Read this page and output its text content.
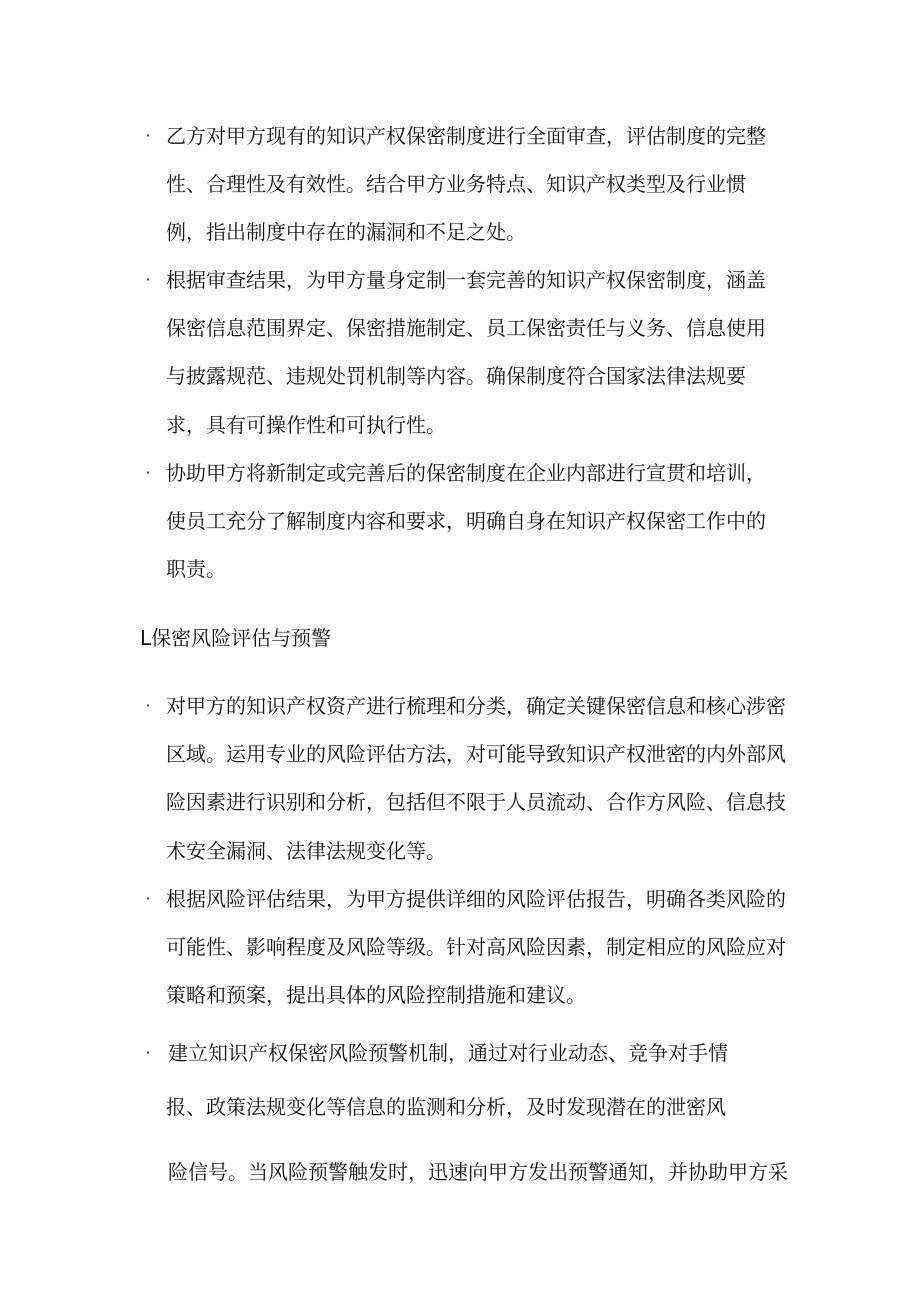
· 乙方对甲方现有的知识产权保密制度进行全面审查，评估制度的完整
性、合理性及有效性。结合甲方业务特点、知识产权类型及行业惯
例，指出制度中存在的漏洞和不足之处。
· 根据审查结果，为甲方量身定制一套完善的知识产权保密制度，涵盖
保密信息范围界定、保密措施制定、员工保密责任与义务、信息使用
与披露规范、违规处罚机制等内容。确保制度符合国家法律法规要
求，具有可操作性和可执行性。
· 协助甲方将新制定或完善后的保密制度在企业内部进行宣贯和培训，
使员工充分了解制度内容和要求，明确自身在知识产权保密工作中的
职责。
L保密风险评估与预警
· 对甲方的知识产权资产进行梳理和分类，确定关键保密信息和核心涉密
区域。运用专业的风险评估方法，对可能导致知识产权泄密的内外部风
险因素进行识别和分析，包括但不限于人员流动、合作方风险、信息技
术安全漏洞、法律法规变化等。
· 根据风险评估结果，为甲方提供详细的风险评估报告，明确各类风险的
可能性、影响程度及风险等级。针对高风险因素，制定相应的风险应对
策略和预案，提出具体的风险控制措施和建议。
· 建立知识产权保密风险预警机制，通过对行业动态、竞争对手情
报、政策法规变化等信息的监测和分析，及时发现潜在的泄密风
险信号。当风险预警触发时，迅速向甲方发出预警通知，并协助甲方采
